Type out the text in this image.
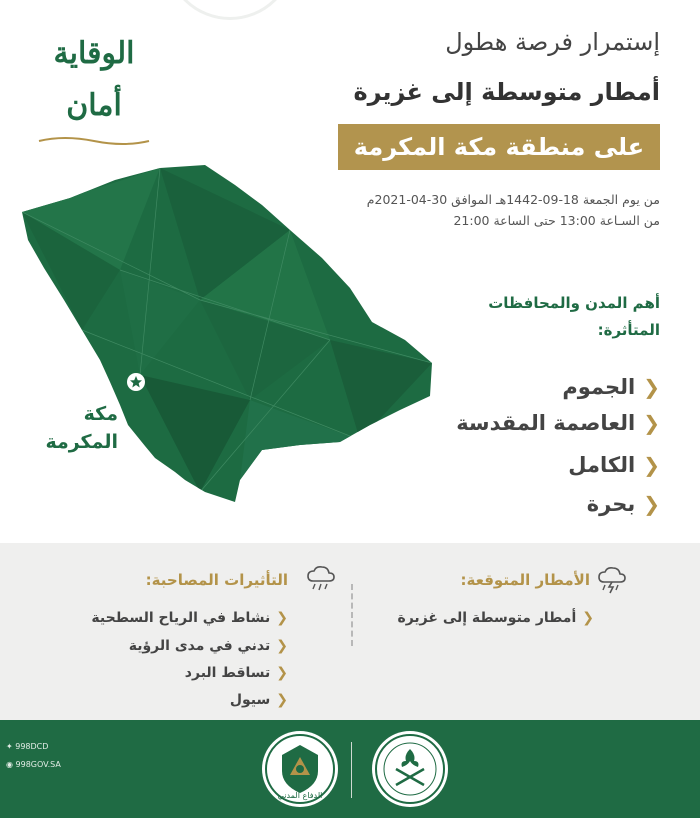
الوقاية أمان
إستمرار فرصة هطول
أمطار متوسطة إلى غزيرة
على منطقة مكة المكرمة
من يوم الجمعة 18-09-1442هـ الموافق 30-04-2021م
من السـاعة 13:00 حتى الساعة 21:00
مكة
المكرمة
أهم المدن والمحافظات
المتأثرة:
❮الجموم
❮العاصمة المقدسة
❮الكامل
❮بحرة
الأمطار المتوقعة:
❮أمطار متوسطة إلى غزيرة
التأثيرات المصاحبة:
❮نشاط في الرياح السطحية
❮تدني في مدى الرؤية
❮تساقط البرد
❮سيول
الدفاع المدني
✦ 998DCD
◉ 998GOV.SA
